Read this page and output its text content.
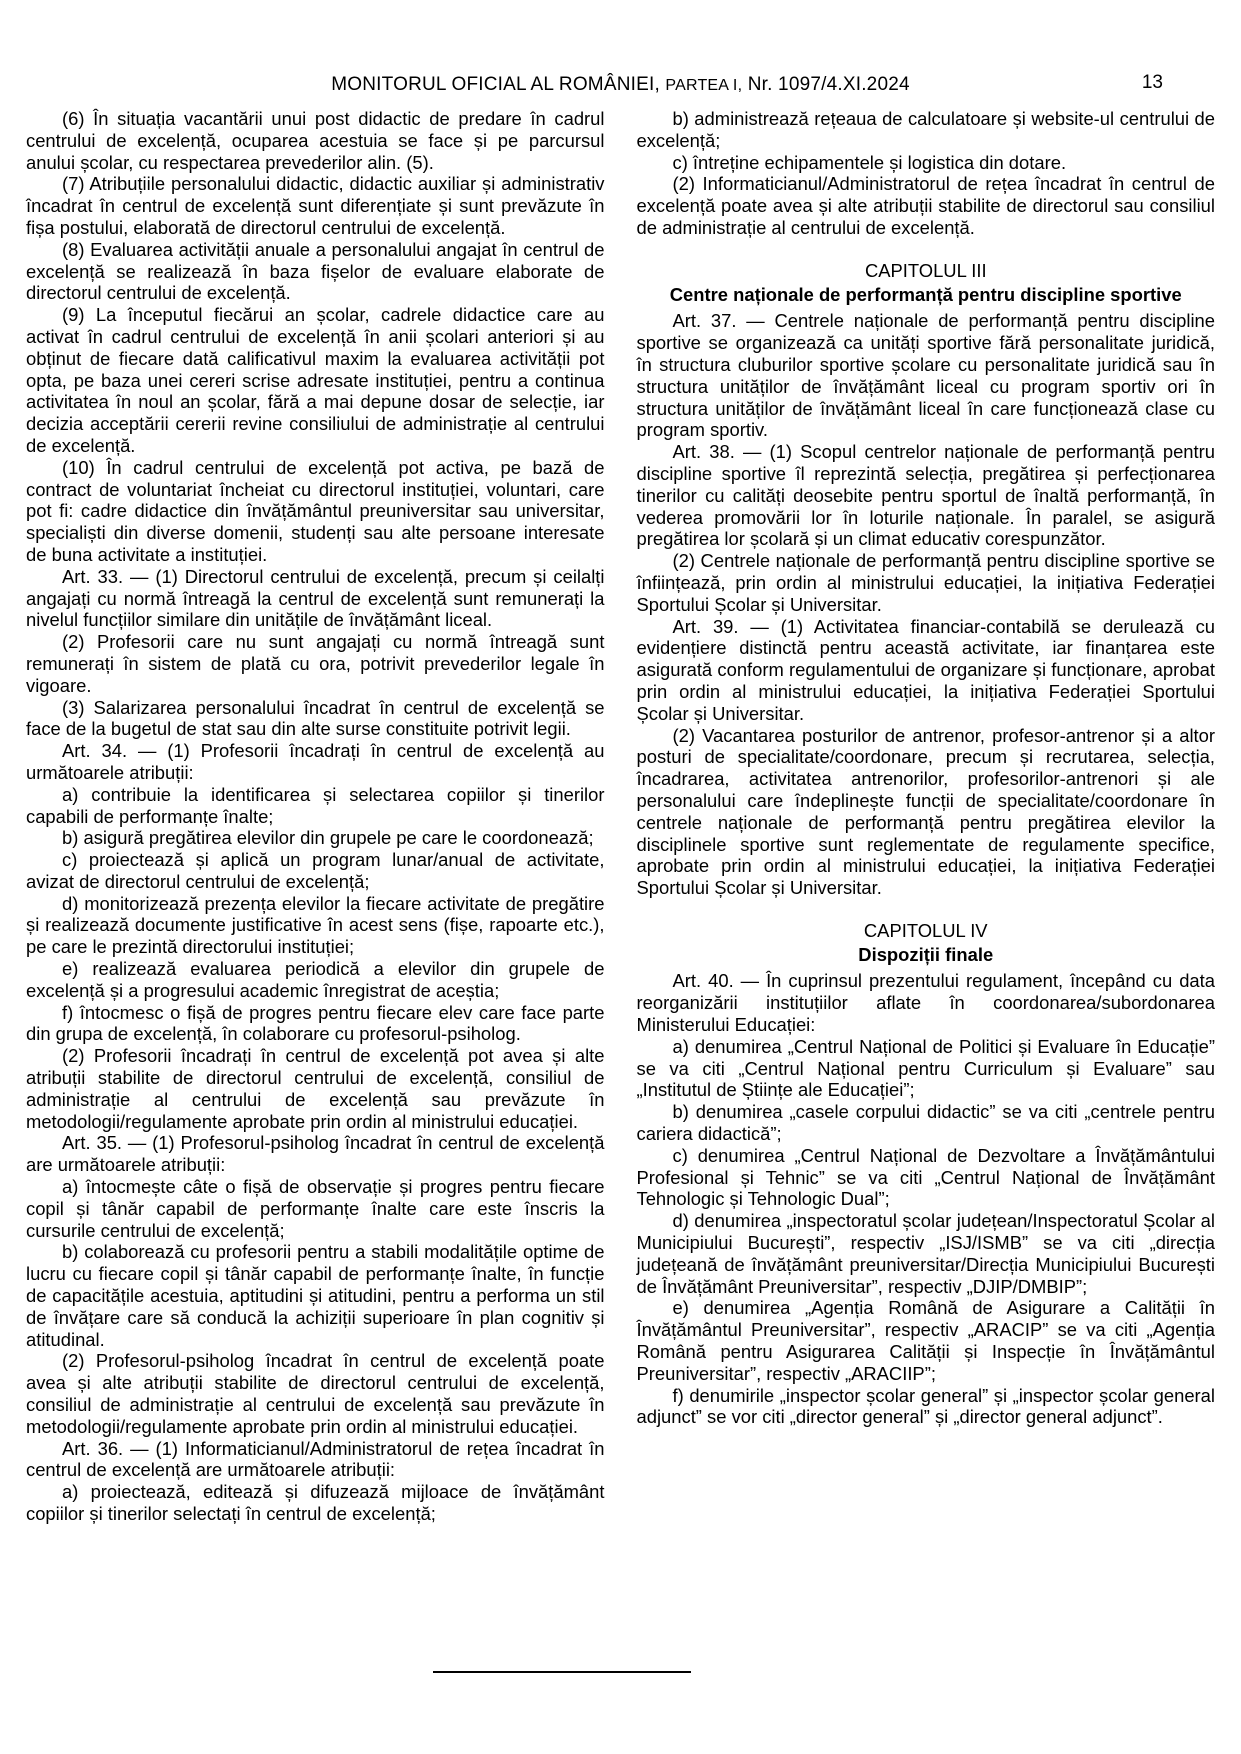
MONITORUL OFICIAL AL ROMÂNIEI, PARTEA I, Nr. 1097/4.XI.2024	13

(6) În situația vacantării unui post didactic de predare în cadrul centrului de excelență, ocuparea acestuia se face și pe parcursul anului școlar, cu respectarea prevederilor alin. (5).

(7) Atribuțiile personalului didactic, didactic auxiliar și administrativ încadrat în centrul de excelență sunt diferențiate și sunt prevăzute în fișa postului, elaborată de directorul centrului de excelență.

(8) Evaluarea activității anuale a personalului angajat în centrul de excelență se realizează în baza fișelor de evaluare elaborate de directorul centrului de excelență.

(9) La începutul fiecărui an școlar, cadrele didactice care au activat în cadrul centrului de excelență în anii școlari anteriori și au obținut de fiecare dată calificativul maxim la evaluarea activității pot opta, pe baza unei cereri scrise adresate instituției, pentru a continua activitatea în noul an școlar, fără a mai depune dosar de selecție, iar decizia acceptării cererii revine consiliului de administrație al centrului de excelență.

(10) În cadrul centrului de excelență pot activa, pe bază de contract de voluntariat încheiat cu directorul instituției, voluntari, care pot fi: cadre didactice din învățământul preuniversitar sau universitar, specialiști din diverse domenii, studenți sau alte persoane interesate de buna activitate a instituției.

Art. 33. — (1) Directorul centrului de excelență, precum și ceilalți angajați cu normă întreagă la centrul de excelență sunt remunerați la nivelul funcțiilor similare din unitățile de învățământ liceal.

(2) Profesorii care nu sunt angajați cu normă întreagă sunt remunerați în sistem de plată cu ora, potrivit prevederilor legale în vigoare.

(3) Salarizarea personalului încadrat în centrul de excelență se face de la bugetul de stat sau din alte surse constituite potrivit legii.

Art. 34. — (1) Profesorii încadrați în centrul de excelență au următoarele atribuții:

a) contribuie la identificarea și selectarea copiilor și tinerilor capabili de performanțe înalte;

b) asigură pregătirea elevilor din grupele pe care le coordonează;

c) proiectează și aplică un program lunar/anual de activitate, avizat de directorul centrului de excelență;

d) monitorizează prezența elevilor la fiecare activitate de pregătire și realizează documente justificative în acest sens (fișe, rapoarte etc.), pe care le prezintă directorului instituției;

e) realizează evaluarea periodică a elevilor din grupele de excelență și a progresului academic înregistrat de aceștia;

f) întocmesc o fișă de progres pentru fiecare elev care face parte din grupa de excelență, în colaborare cu profesorul-psiholog.

(2) Profesorii încadrați în centrul de excelență pot avea și alte atribuții stabilite de directorul centrului de excelență, consiliul de administrație al centrului de excelență sau prevăzute în metodologii/regulamente aprobate prin ordin al ministrului educației.

Art. 35. — (1) Profesorul-psiholog încadrat în centrul de excelență are următoarele atribuții:

a) întocmește câte o fișă de observație și progres pentru fiecare copil și tânăr capabil de performanțe înalte care este înscris la cursurile centrului de excelență;

b) colaborează cu profesorii pentru a stabili modalitățile optime de lucru cu fiecare copil și tânăr capabil de performanțe înalte, în funcție de capacitățile acestuia, aptitudini și atitudini, pentru a performa un stil de învățare care să conducă la achiziții superioare în plan cognitiv și atitudinal.

(2) Profesorul-psiholog încadrat în centrul de excelență poate avea și alte atribuții stabilite de directorul centrului de excelență, consiliul de administrație al centrului de excelență sau prevăzute în metodologii/regulamente aprobate prin ordin al ministrului educației.

Art. 36. — (1) Informaticianul/Administratorul de rețea încadrat în centrul de excelență are următoarele atribuții:

a) proiectează, editează și difuzează mijloace de învățământ copiilor și tinerilor selectați în centrul de excelență;

b) administrează rețeaua de calculatoare și website-ul centrului de excelență;

c) întreține echipamentele și logistica din dotare.

(2) Informaticianul/Administratorul de rețea încadrat în centrul de excelență poate avea și alte atribuții stabilite de directorul sau consiliul de administrație al centrului de excelență.

CAPITOLUL III
Centre naționale de performanță pentru discipline sportive

Art. 37. — Centrele naționale de performanță pentru discipline sportive se organizează ca unități sportive fără personalitate juridică, în structura cluburilor sportive școlare cu personalitate juridică sau în structura unităților de învățământ liceal cu program sportiv ori în structura unităților de învățământ liceal în care funcționează clase cu program sportiv.

Art. 38. — (1) Scopul centrelor naționale de performanță pentru discipline sportive îl reprezintă selecția, pregătirea și perfecționarea tinerilor cu calități deosebite pentru sportul de înaltă performanță, în vederea promovării lor în loturile naționale. În paralel, se asigură pregătirea lor școlară și un climat educativ corespunzător.

(2) Centrele naționale de performanță pentru discipline sportive se înființează, prin ordin al ministrului educației, la inițiativa Federației Sportului Școlar și Universitar.

Art. 39. — (1) Activitatea financiar-contabilă se derulează cu evidențiere distinctă pentru această activitate, iar finanțarea este asigurată conform regulamentului de organizare și funcționare, aprobat prin ordin al ministrului educației, la inițiativa Federației Sportului Școlar și Universitar.

(2) Vacantarea posturilor de antrenor, profesor-antrenor și a altor posturi de specialitate/coordonare, precum și recrutarea, selecția, încadrarea, activitatea antrenorilor, profesorilor-antrenori și ale personalului care îndeplinește funcții de specialitate/coordonare în centrele naționale de performanță pentru pregătirea elevilor la disciplinele sportive sunt reglementate de regulamente specifice, aprobate prin ordin al ministrului educației, la inițiativa Federației Sportului Școlar și Universitar.

CAPITOLUL IV
Dispoziții finale

Art. 40. — În cuprinsul prezentului regulament, începând cu data reorganizării instituțiilor aflate în coordonarea/subordonarea Ministerului Educației:

a) denumirea „Centrul Național de Politici și Evaluare în Educație” se va citi „Centrul Național pentru Curriculum și Evaluare” sau „Institutul de Științe ale Educației”;

b) denumirea „casele corpului didactic” se va citi „centrele pentru cariera didactică”;

c) denumirea „Centrul Național de Dezvoltare a Învățământului Profesional și Tehnic” se va citi „Centrul Național de Învățământ Tehnologic și Tehnologic Dual”;

d) denumirea „inspectoratul școlar județean/Inspectoratul Școlar al Municipiului București”, respectiv „ISJ/ISMB” se va citi „direcția județeană de învățământ preuniversitar/Direcția Municipiului București de Învățământ Preuniversitar”, respectiv „DJIP/DMBIP”;

e) denumirea „Agenția Română de Asigurare a Calității în Învățământul Preuniversitar”, respectiv „ARACIP” se va citi „Agenția Română pentru Asigurarea Calității și Inspecție în Învățământul Preuniversitar”, respectiv „ARACIIP”;

f) denumirile „inspector școlar general” și „inspector școlar general adjunct” se vor citi „director general” și „director general adjunct”.
